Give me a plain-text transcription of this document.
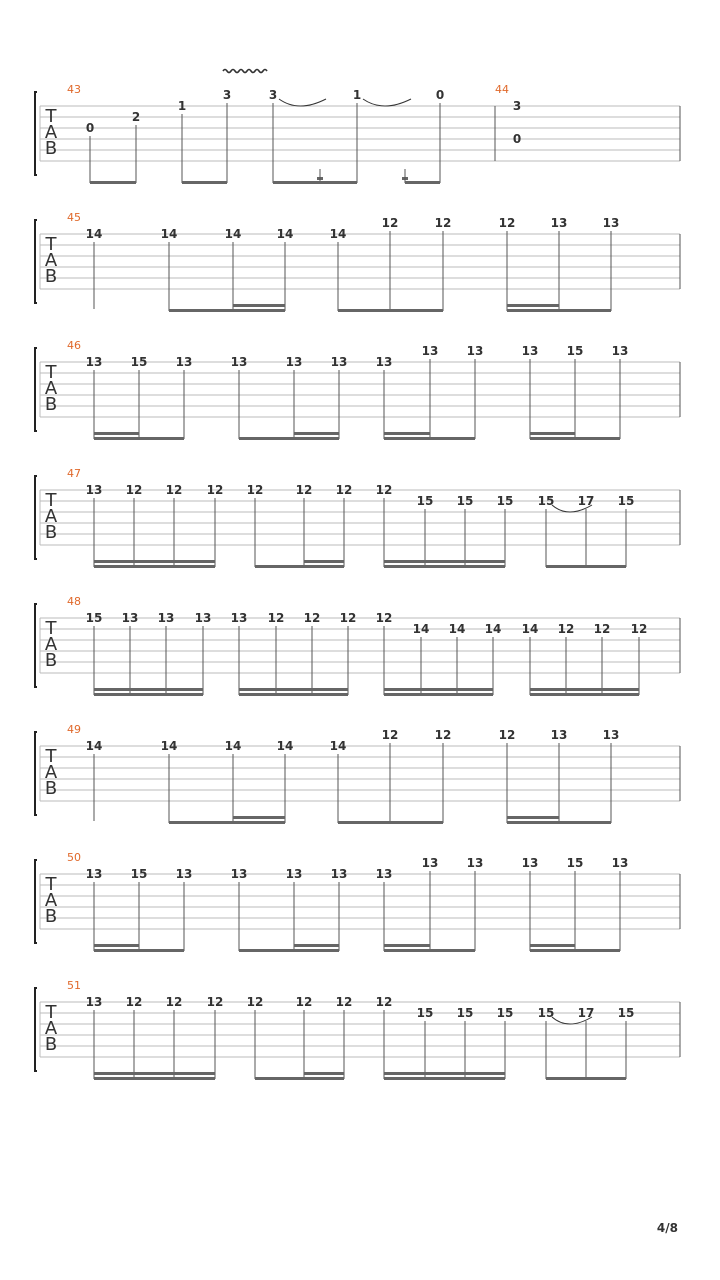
T
A
B
43
0
2
1
3	3	1	0	44
3
0
T
A
B
45
14	14	14	14	14
12	12	12	13	13
T
A
B
46
13 15 13	13	13 13 13
13 13	13 15 13
T
A
B
47
13 12 12 12 12	12 12 12
15 15 15 15 17 15
T
A
B
48
15 13 13 13 13 12 12 12 12
14 14 14 14 12 12 12
T
A
B
49
14	14	14	14	14
12	12	12	13	13
T
A
B
50
13 15 13	13	13 13 13
13 13	13 15 13
T
A
B
51
13 12 12 12 12	12 12 12
15 15 15 15 17 15
4/8
